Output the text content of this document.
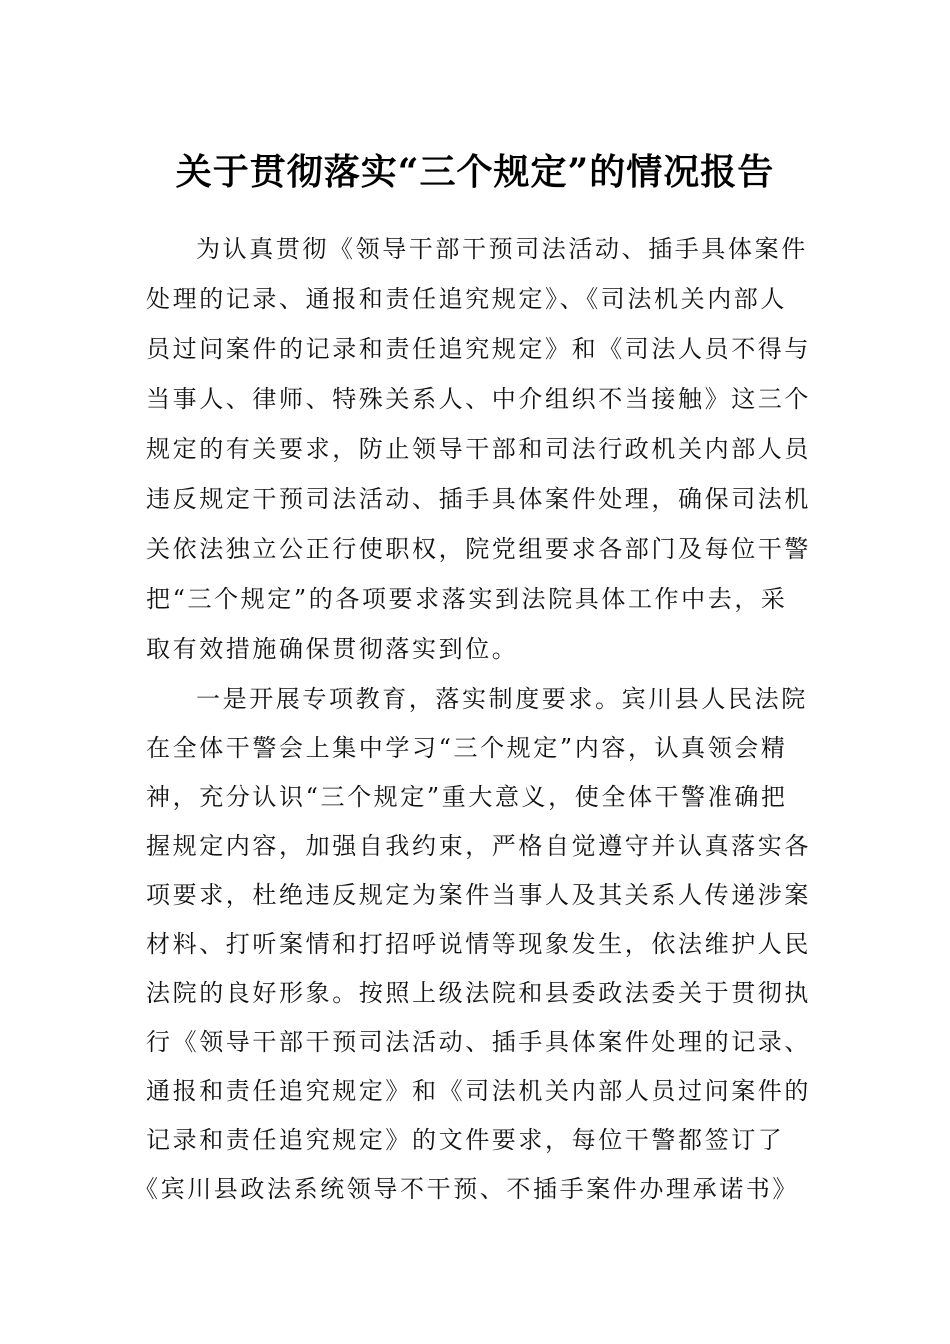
关于贯彻落实“三个规定”的情况报告
为认真贯彻《领导干部干预司法活动、插手具体案件
处理的记录、通报和责任追究规定》、《司法机关内部人
员过问案件的记录和责任追究规定》和《司法人员不得与
当事人、律师、特殊关系人、中介组织不当接触》这三个
规定的有关要求，防止领导干部和司法行政机关内部人员
违反规定干预司法活动、插手具体案件处理，确保司法机
关依法独立公正行使职权，院党组要求各部门及每位干警
把“三个规定”的各项要求落实到法院具体工作中去，采
取有效措施确保贯彻落实到位。
一是开展专项教育，落实制度要求。宾川县人民法院
在全体干警会上集中学习“三个规定”内容，认真领会精
神，充分认识“三个规定”重大意义，使全体干警准确把
握规定内容，加强自我约束，严格自觉遵守并认真落实各
项要求，杜绝违反规定为案件当事人及其关系人传递涉案
材料、打听案情和打招呼说情等现象发生，依法维护人民
法院的良好形象。按照上级法院和县委政法委关于贯彻执
行《领导干部干预司法活动、插手具体案件处理的记录、
通报和责任追究规定》和《司法机关内部人员过问案件的
记录和责任追究规定》的文件要求，每位干警都签订了
《宾川县政法系统领导不干预、不插手案件办理承诺书》
